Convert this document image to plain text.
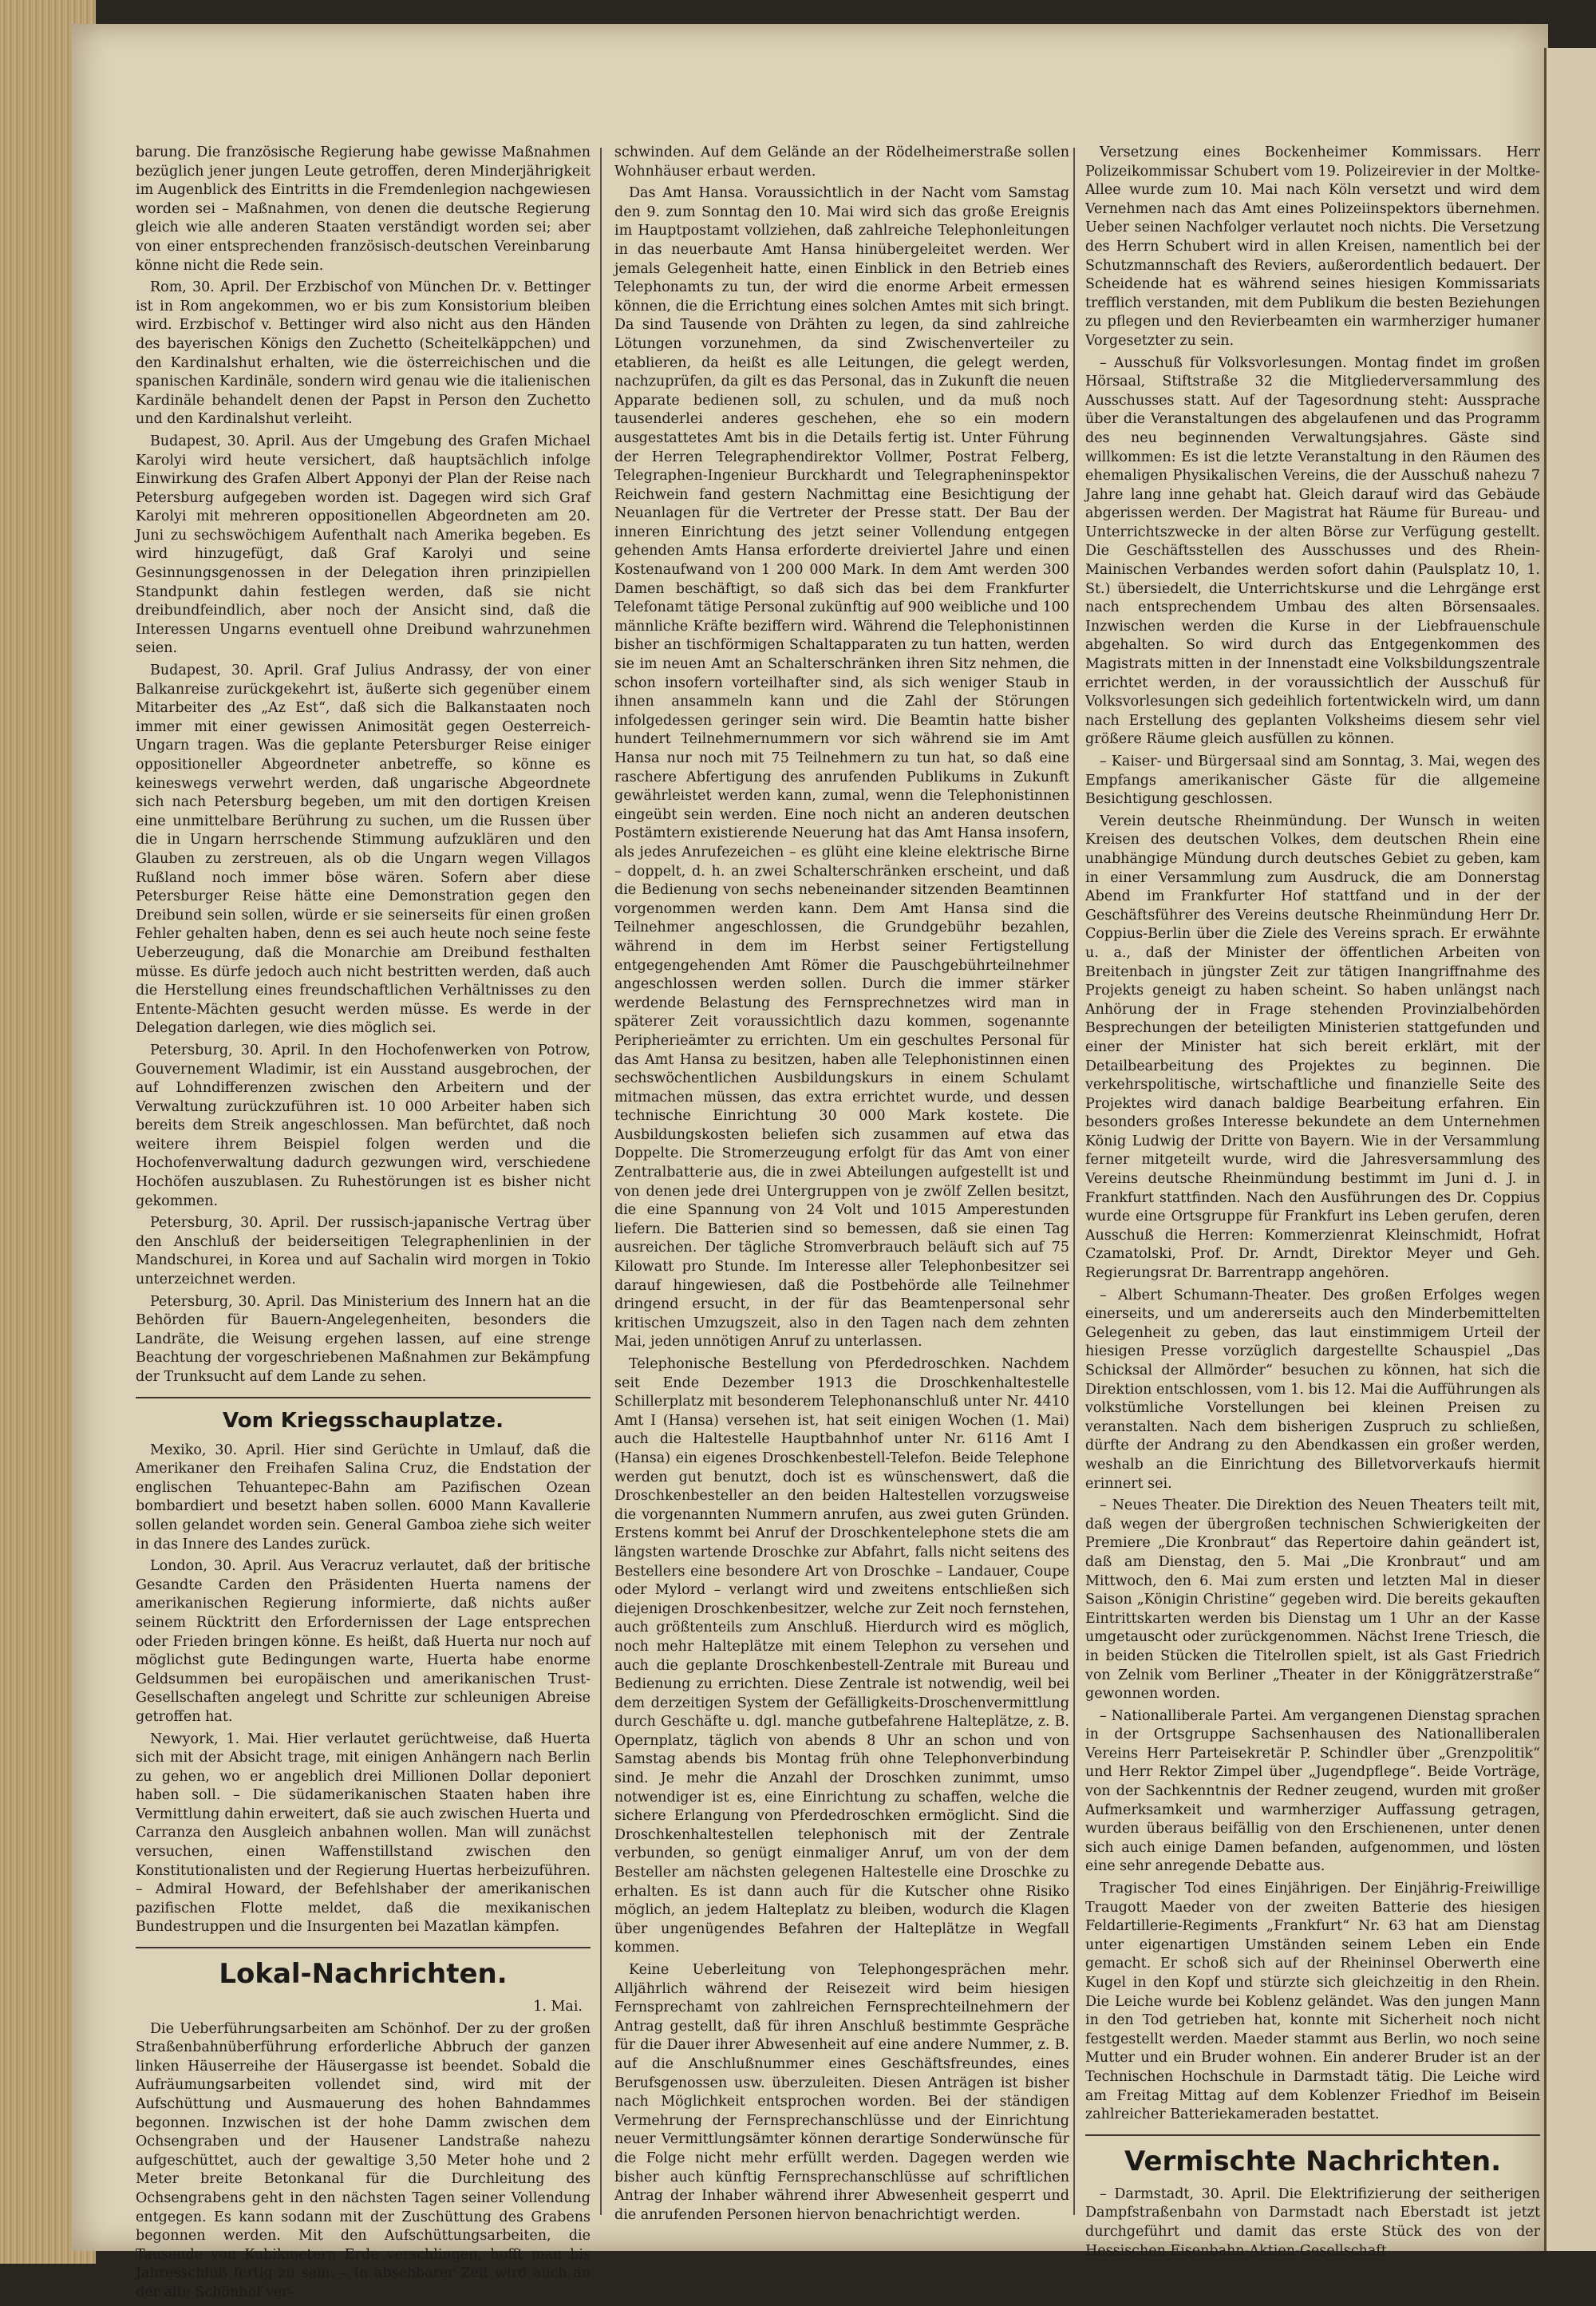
barung. Die französische Regierung habe gewisse Maßnahmen bezüglich jener jungen Leute getroffen, deren Minderjährigkeit im Augenblick des Eintritts in die Fremdenlegion nachgewiesen worden sei – Maßnahmen, von denen die deutsche Regierung gleich wie alle anderen Staaten verständigt worden sei; aber von einer entsprechenden französisch-deutschen Vereinbarung könne nicht die Rede sein.

Rom, 30. April. Der Erzbischof von München Dr. v. Bettinger ist in Rom angekommen, wo er bis zum Konsistorium bleiben wird. Erzbischof v. Bettinger wird also nicht aus den Händen des bayerischen Königs den Zuchetto (Scheitelkäppchen) und den Kardinalshut erhalten, wie die österreichischen und die spanischen Kardinäle, sondern wird genau wie die italienischen Kardinäle behandelt denen der Papst in Person den Zuchetto und den Kardinalshut verleiht.

Budapest, 30. April. Aus der Umgebung des Grafen Michael Karolyi wird heute versichert, daß hauptsächlich infolge Einwirkung des Grafen Albert Apponyi der Plan der Reise nach Petersburg aufgegeben worden ist. Dagegen wird sich Graf Karolyi mit mehreren oppositionellen Abgeordneten am 20. Juni zu sechswöchigem Aufenthalt nach Amerika begeben. Es wird hinzugefügt, daß Graf Karolyi und seine Gesinnungsgenossen in der Delegation ihren prinzipiellen Standpunkt dahin festlegen werden, daß sie nicht dreibundfeindlich, aber noch der Ansicht sind, daß die Interessen Ungarns eventuell ohne Dreibund wahrzunehmen seien.

Budapest, 30. April. Graf Julius Andrassy, der von einer Balkanreise zurückgekehrt ist, äußerte sich gegenüber einem Mitarbeiter des „Az Est“, daß sich die Balkanstaaten noch immer mit einer gewissen Animosität gegen Oesterreich-Ungarn tragen. Was die geplante Petersburger Reise einiger oppositioneller Abgeordneter anbetreffe, so könne es keineswegs verwehrt werden, daß ungarische Abgeordnete sich nach Petersburg begeben, um mit den dortigen Kreisen eine unmittelbare Berührung zu suchen, um die Russen über die in Ungarn herrschende Stimmung aufzuklären und den Glauben zu zerstreuen, als ob die Ungarn wegen Villagos Rußland noch immer böse wären. Sofern aber diese Petersburger Reise hätte eine Demonstration gegen den Dreibund sein sollen, würde er sie seinerseits für einen großen Fehler gehalten haben, denn es sei auch heute noch seine feste Ueberzeugung, daß die Monarchie am Dreibund festhalten müsse. Es dürfe jedoch auch nicht bestritten werden, daß auch die Herstellung eines freundschaftlichen Verhältnisses zu den Entente-Mächten gesucht werden müsse. Es werde in der Delegation darlegen, wie dies möglich sei.

Petersburg, 30. April. In den Hochofenwerken von Potrow, Gouvernement Wladimir, ist ein Ausstand ausgebrochen, der auf Lohndifferenzen zwischen den Arbeitern und der Verwaltung zurückzuführen ist. 10 000 Arbeiter haben sich bereits dem Streik angeschlossen. Man befürchtet, daß noch weitere ihrem Beispiel folgen werden und die Hochofenverwaltung dadurch gezwungen wird, verschiedene Hochöfen auszublasen. Zu Ruhestörungen ist es bisher nicht gekommen.

Petersburg, 30. April. Der russisch-japanische Vertrag über den Anschluß der beiderseitigen Telegraphenlinien in der Mandschurei, in Korea und auf Sachalin wird morgen in Tokio unterzeichnet werden.

Petersburg, 30. April. Das Ministerium des Innern hat an die Behörden für Bauern-Angelegenheiten, besonders die Landräte, die Weisung ergehen lassen, auf eine strenge Beachtung der vorgeschriebenen Maßnahmen zur Bekämpfung der Trunksucht auf dem Lande zu sehen.

Vom Kriegsschauplatze.

Mexiko, 30. April. Hier sind Gerüchte in Umlauf, daß die Amerikaner den Freihafen Salina Cruz, die Endstation der englischen Tehuantepec-Bahn am Pazifischen Ozean bombardiert und besetzt haben sollen. 6000 Mann Kavallerie sollen gelandet worden sein. General Gamboa ziehe sich weiter in das Innere des Landes zurück.

London, 30. April. Aus Veracruz verlautet, daß der britische Gesandte Carden den Präsidenten Huerta namens der amerikanischen Regierung informierte, daß nichts außer seinem Rücktritt den Erfordernissen der Lage entsprechen oder Frieden bringen könne. Es heißt, daß Huerta nur noch auf möglichst gute Bedingungen warte, Huerta habe enorme Geldsummen bei europäischen und amerikanischen Trust-Gesellschaften angelegt und Schritte zur schleunigen Abreise getroffen hat.

Newyork, 1. Mai. Hier verlautet gerüchtweise, daß Huerta sich mit der Absicht trage, mit einigen Anhängern nach Berlin zu gehen, wo er angeblich drei Millionen Dollar deponiert haben soll. – Die südamerikanischen Staaten haben ihre Vermittlung dahin erweitert, daß sie auch zwischen Huerta und Carranza den Ausgleich anbahnen wollen. Man will zunächst versuchen, einen Waffenstillstand zwischen den Konstitutionalisten und der Regierung Huertas herbeizuführen. – Admiral Howard, der Befehlshaber der amerikanischen pazifischen Flotte meldet, daß die mexikanischen Bundestruppen und die Insurgenten bei Mazatlan kämpfen.

Lokal-Nachrichten.
1. Mai.

Die Ueberführungsarbeiten am Schönhof. Der zu der großen Straßenbahnüberführung erforderliche Abbruch der ganzen linken Häuserreihe der Häusergasse ist beendet. Sobald die Aufräumungsarbeiten vollendet sind, wird mit der Aufschüttung und Ausmauerung des hohen Bahndammes begonnen. Inzwischen ist der hohe Damm zwischen dem Ochsengraben und der Hausener Landstraße nahezu aufgeschüttet, auch der gewaltige 3,50 Meter hohe und 2 Meter breite Betonkanal für die Durchleitung des Ochsengrabens geht in den nächsten Tagen seiner Vollendung entgegen. Es kann sodann mit der Zuschüttung des Grabens begonnen werden. Mit den Aufschüttungsarbeiten, die Tausende von Kubikmetern Erde verschlingen, hofft man bis Jahresschluß fertig zu sein. – In absehbarer Zeit wird auch an der alte Schönhof ver-

schwinden. Auf dem Gelände an der Rödelheimerstraße sollen Wohnhäuser erbaut werden.

Das Amt Hansa. Voraussichtlich in der Nacht vom Samstag den 9. zum Sonntag den 10. Mai wird sich das große Ereignis im Hauptpostamt vollziehen, daß zahlreiche Telephonleitungen in das neuerbaute Amt Hansa hinübergeleitet werden. Wer jemals Gelegenheit hatte, einen Einblick in den Betrieb eines Telephonamts zu tun, der wird die enorme Arbeit ermessen können, die die Errichtung eines solchen Amtes mit sich bringt. Da sind Tausende von Drähten zu legen, da sind zahlreiche Lötungen vorzunehmen, da sind Zwischenverteiler zu etablieren, da heißt es alle Leitungen, die gelegt werden, nachzuprüfen, da gilt es das Personal, das in Zukunft die neuen Apparate bedienen soll, zu schulen, und da muß noch tausenderlei anderes geschehen, ehe so ein modern ausgestattetes Amt bis in die Details fertig ist. Unter Führung der Herren Telegraphendirektor Vollmer, Postrat Felberg, Telegraphen-Ingenieur Burckhardt und Telegrapheninspektor Reichwein fand gestern Nachmittag eine Besichtigung der Neuanlagen für die Vertreter der Presse statt. Der Bau der inneren Einrichtung des jetzt seiner Vollendung entgegen gehenden Amts Hansa erforderte dreiviertel Jahre und einen Kostenaufwand von 1 200 000 Mark. In dem Amt werden 300 Damen beschäftigt, so daß sich das bei dem Frankfurter Telefonamt tätige Personal zukünftig auf 900 weibliche und 100 männliche Kräfte beziffern wird. Während die Telephonistinnen bisher an tischförmigen Schaltapparaten zu tun hatten, werden sie im neuen Amt an Schalterschränken ihren Sitz nehmen, die schon insofern vorteilhafter sind, als sich weniger Staub in ihnen ansammeln kann und die Zahl der Störungen infolgedessen geringer sein wird. Die Beamtin hatte bisher hundert Teilnehmernummern vor sich während sie im Amt Hansa nur noch mit 75 Teilnehmern zu tun hat, so daß eine raschere Abfertigung des anrufenden Publikums in Zukunft gewährleistet werden kann, zumal, wenn die Telephonistinnen eingeübt sein werden. Eine noch nicht an anderen deutschen Postämtern existierende Neuerung hat das Amt Hansa insofern, als jedes Anrufezeichen – es glüht eine kleine elektrische Birne – doppelt, d. h. an zwei Schalterschränken erscheint, und daß die Bedienung von sechs nebeneinander sitzenden Beamtinnen vorgenommen werden kann. Dem Amt Hansa sind die Teilnehmer angeschlossen, die Grundgebühr bezahlen, während in dem im Herbst seiner Fertigstellung entgegengehenden Amt Römer die Pauschgebührteilnehmer angeschlossen werden sollen. Durch die immer stärker werdende Belastung des Fernsprechnetzes wird man in späterer Zeit voraussichtlich dazu kommen, sogenannte Peripherieämter zu errichten. Um ein geschultes Personal für das Amt Hansa zu besitzen, haben alle Telephonistinnen einen sechswöchentlichen Ausbildungskurs in einem Schulamt mitmachen müssen, das extra errichtet wurde, und dessen technische Einrichtung 30 000 Mark kostete. Die Ausbildungskosten beliefen sich zusammen auf etwa das Doppelte. Die Stromerzeugung erfolgt für das Amt von einer Zentralbatterie aus, die in zwei Abteilungen aufgestellt ist und von denen jede drei Untergruppen von je zwölf Zellen besitzt, die eine Spannung von 24 Volt und 1015 Amperestunden liefern. Die Batterien sind so bemessen, daß sie einen Tag ausreichen. Der tägliche Stromverbrauch beläuft sich auf 75 Kilowatt pro Stunde. Im Interesse aller Telephonbesitzer sei darauf hingewiesen, daß die Postbehörde alle Teilnehmer dringend ersucht, in der für das Beamtenpersonal sehr kritischen Umzugszeit, also in den Tagen nach dem zehnten Mai, jeden unnötigen Anruf zu unterlassen.

Telephonische Bestellung von Pferdedroschken. Nachdem seit Ende Dezember 1913 die Droschkenhaltestelle Schillerplatz mit besonderem Telephonanschluß unter Nr. 4410 Amt I (Hansa) versehen ist, hat seit einigen Wochen (1. Mai) auch die Haltestelle Hauptbahnhof unter Nr. 6116 Amt I (Hansa) ein eigenes Droschkenbestell-Telefon. Beide Telephone werden gut benutzt, doch ist es wünschenswert, daß die Droschkenbesteller an den beiden Haltestellen vorzugsweise die vorgenannten Nummern anrufen, aus zwei guten Gründen. Erstens kommt bei Anruf der Droschkentelephone stets die am längsten wartende Droschke zur Abfahrt, falls nicht seitens des Bestellers eine besondere Art von Droschke – Landauer, Coupe oder Mylord – verlangt wird und zweitens entschließen sich diejenigen Droschkenbesitzer, welche zur Zeit noch fernstehen, auch größtenteils zum Anschluß. Hierdurch wird es möglich, noch mehr Halteplätze mit einem Telephon zu versehen und auch die geplante Droschkenbestell-Zentrale mit Bureau und Bedienung zu errichten. Diese Zentrale ist notwendig, weil bei dem derzeitigen System der Gefälligkeits-Droschenvermittlung durch Geschäfte u. dgl. manche gutbefahrene Halteplätze, z. B. Opernplatz, täglich von abends 8 Uhr an schon und von Samstag abends bis Montag früh ohne Telephonverbindung sind. Je mehr die Anzahl der Droschken zunimmt, umso notwendiger ist es, eine Einrichtung zu schaffen, welche die sichere Erlangung von Pferdedroschken ermöglicht. Sind die Droschkenhaltestellen telephonisch mit der Zentrale verbunden, so genügt einmaliger Anruf, um von der dem Besteller am nächsten gelegenen Haltestelle eine Droschke zu erhalten. Es ist dann auch für die Kutscher ohne Risiko möglich, an jedem Halteplatz zu bleiben, wodurch die Klagen über ungenügendes Befahren der Halteplätze in Wegfall kommen.

Keine Ueberleitung von Telephongesprächen mehr. Alljährlich während der Reisezeit wird beim hiesigen Fernsprechamt von zahlreichen Fernsprechteilnehmern der Antrag gestellt, daß für ihren Anschluß bestimmte Gespräche für die Dauer ihrer Abwesenheit auf eine andere Nummer, z. B. auf die Anschlußnummer eines Geschäftsfreundes, eines Berufsgenossen usw. überzuleiten. Diesen Anträgen ist bisher nach Möglichkeit entsprochen worden. Bei der ständigen Vermehrung der Fernsprechanschlüsse und der Einrichtung neuer Vermittlungsämter können derartige Sonderwünsche für die Folge nicht mehr erfüllt werden. Dagegen werden wie bisher auch künftig Fernsprechanschlüsse auf schriftlichen Antrag der Inhaber während ihrer Abwesenheit gesperrt und die anrufenden Personen hiervon benachrichtigt werden.

Versetzung eines Bockenheimer Kommissars. Herr Polizeikommissar Schubert vom 19. Polizeirevier in der Moltke-Allee wurde zum 10. Mai nach Köln versetzt und wird dem Vernehmen nach das Amt eines Polizeiinspektors übernehmen. Ueber seinen Nachfolger verlautet noch nichts. Die Versetzung des Herrn Schubert wird in allen Kreisen, namentlich bei der Schutzmannschaft des Reviers, außerordentlich bedauert. Der Scheidende hat es während seines hiesigen Kommissariats trefflich verstanden, mit dem Publikum die besten Beziehungen zu pflegen und den Revierbeamten ein warmherziger humaner Vorgesetzter zu sein.

– Ausschuß für Volksvorlesungen. Montag findet im großen Hörsaal, Stiftstraße 32 die Mitgliederversammlung des Ausschusses statt. Auf der Tagesordnung steht: Aussprache über die Veranstaltungen des abgelaufenen und das Programm des neu beginnenden Verwaltungsjahres. Gäste sind willkommen: Es ist die letzte Veranstaltung in den Räumen des ehemaligen Physikalischen Vereins, die der Ausschuß nahezu 7 Jahre lang inne gehabt hat. Gleich darauf wird das Gebäude abgerissen werden. Der Magistrat hat Räume für Bureau- und Unterrichtszwecke in der alten Börse zur Verfügung gestellt. Die Geschäftsstellen des Ausschusses und des Rhein-Mainischen Verbandes werden sofort dahin (Paulsplatz 10, 1. St.) übersiedelt, die Unterrichtskurse und die Lehrgänge erst nach entsprechendem Umbau des alten Börsensaales. Inzwischen werden die Kurse in der Liebfrauenschule abgehalten. So wird durch das Entgegenkommen des Magistrats mitten in der Innenstadt eine Volksbildungszentrale errichtet werden, in der voraussichtlich der Ausschuß für Volksvorlesungen sich gedeihlich fortentwickeln wird, um dann nach Erstellung des geplanten Volksheims diesem sehr viel größere Räume gleich ausfüllen zu können.

– Kaiser- und Bürgersaal sind am Sonntag, 3. Mai, wegen des Empfangs amerikanischer Gäste für die allgemeine Besichtigung geschlossen.

Verein deutsche Rheinmündung. Der Wunsch in weiten Kreisen des deutschen Volkes, dem deutschen Rhein eine unabhängige Mündung durch deutsches Gebiet zu geben, kam in einer Versammlung zum Ausdruck, die am Donnerstag Abend im Frankfurter Hof stattfand und in der der Geschäftsführer des Vereins deutsche Rheinmündung Herr Dr. Coppius-Berlin über die Ziele des Vereins sprach. Er erwähnte u. a., daß der Minister der öffentlichen Arbeiten von Breitenbach in jüngster Zeit zur tätigen Inangriffnahme des Projekts geneigt zu haben scheint. So haben unlängst nach Anhörung der in Frage stehenden Provinzialbehörden Besprechungen der beteiligten Ministerien stattgefunden und einer der Minister hat sich bereit erklärt, mit der Detailbearbeitung des Projektes zu beginnen. Die verkehrspolitische, wirtschaftliche und finanzielle Seite des Projektes wird danach baldige Bearbeitung erfahren. Ein besonders großes Interesse bekundete an dem Unternehmen König Ludwig der Dritte von Bayern. Wie in der Versammlung ferner mitgeteilt wurde, wird die Jahresversammlung des Vereins deutsche Rheinmündung bestimmt im Juni d. J. in Frankfurt stattfinden. Nach den Ausführungen des Dr. Coppius wurde eine Ortsgruppe für Frankfurt ins Leben gerufen, deren Ausschuß die Herren: Kommerzienrat Kleinschmidt, Hofrat Czamatolski, Prof. Dr. Arndt, Direktor Meyer und Geh. Regierungsrat Dr. Barrentrapp angehören.

– Albert Schumann-Theater. Des großen Erfolges wegen einerseits, und um andererseits auch den Minderbemittelten Gelegenheit zu geben, das laut einstimmigem Urteil der hiesigen Presse vorzüglich dargestellte Schauspiel „Das Schicksal der Allmörder“ besuchen zu können, hat sich die Direktion entschlossen, vom 1. bis 12. Mai die Aufführungen als volkstümliche Vorstellungen bei kleinen Preisen zu veranstalten. Nach dem bisherigen Zuspruch zu schließen, dürfte der Andrang zu den Abendkassen ein großer werden, weshalb an die Einrichtung des Billetvorverkaufs hiermit erinnert sei.

– Neues Theater. Die Direktion des Neuen Theaters teilt mit, daß wegen der übergroßen technischen Schwierigkeiten der Premiere „Die Kronbraut“ das Repertoire dahin geändert ist, daß am Dienstag, den 5. Mai „Die Kronbraut“ und am Mittwoch, den 6. Mai zum ersten und letzten Mal in dieser Saison „Königin Christine“ gegeben wird. Die bereits gekauften Eintrittskarten werden bis Dienstag um 1 Uhr an der Kasse umgetauscht oder zurückgenommen. Nächst Irene Triesch, die in beiden Stücken die Titelrollen spielt, ist als Gast Friedrich von Zelnik vom Berliner „Theater in der Königgrätzerstraße“ gewonnen worden.

– Nationalliberale Partei. Am vergangenen Dienstag sprachen in der Ortsgruppe Sachsenhausen des Nationalliberalen Vereins Herr Parteisekretär P. Schindler über „Grenzpolitik“ und Herr Rektor Zimpel über „Jugendpflege“. Beide Vorträge, von der Sachkenntnis der Redner zeugend, wurden mit großer Aufmerksamkeit und warmherziger Auffassung getragen, wurden überaus beifällig von den Erschienenen, unter denen sich auch einige Damen befanden, aufgenommen, und lösten eine sehr anregende Debatte aus.

Tragischer Tod eines Einjährigen. Der Einjährig-Freiwillige Traugott Maeder von der zweiten Batterie des hiesigen Feldartillerie-Regiments „Frankfurt“ Nr. 63 hat am Dienstag unter eigenartigen Umständen seinem Leben ein Ende gemacht. Er schoß sich auf der Rheininsel Oberwerth eine Kugel in den Kopf und stürzte sich gleichzeitig in den Rhein. Die Leiche wurde bei Koblenz geländet. Was den jungen Mann in den Tod getrieben hat, konnte mit Sicherheit noch nicht festgestellt werden. Maeder stammt aus Berlin, wo noch seine Mutter und ein Bruder wohnen. Ein anderer Bruder ist an der Technischen Hochschule in Darmstadt tätig. Die Leiche wird am Freitag Mittag auf dem Koblenzer Friedhof im Beisein zahlreicher Batteriekameraden bestattet.

Vermischte Nachrichten.

– Darmstadt, 30. April. Die Elektrifizierung der seitherigen Dampfstraßenbahn von Darmstadt nach Eberstadt ist jetzt durchgeführt und damit das erste Stück des von der Hessischen Eisenbahn-Aktien-Gesellschaft
